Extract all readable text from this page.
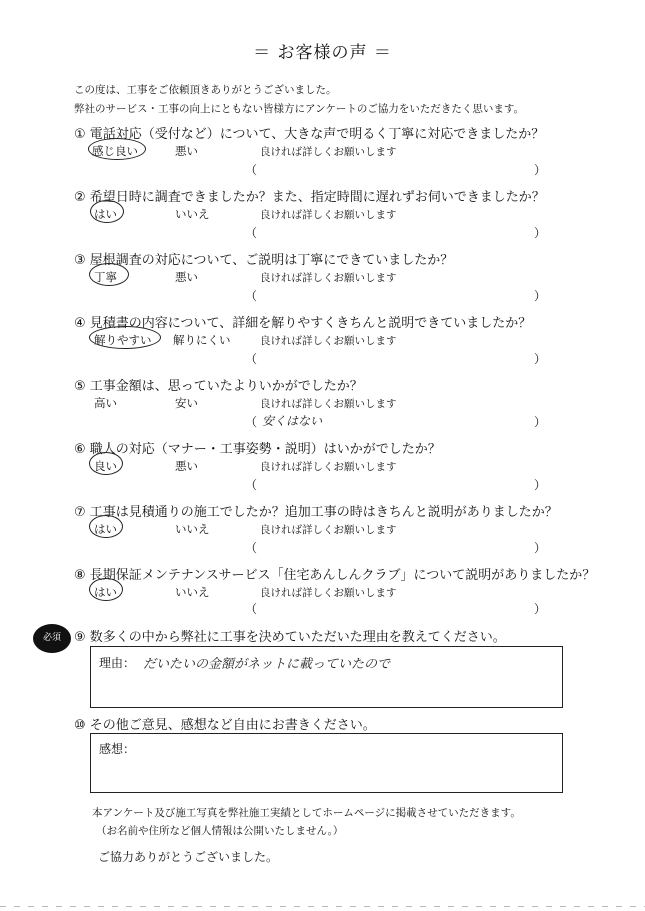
＝ お客様の声 ＝
この度は、工事をご依頼頂きありがとうございました。
弊社のサービス・工事の向上にともない皆様方にアンケートのご協力をいただきたく思います。
① 電話対応（受付など）について、大きな声で明るく丁寧に対応できましたか？
感じ良い	悪い	良ければ詳しくお願いします
（	）
② 希望日時に調査できましたか？また、指定時間に遅れずお伺いできましたか？
はい	いいえ	良ければ詳しくお願いします
（	）
③ 屋根調査の対応について、ご説明は丁寧にできていましたか？
丁寧	悪い	良ければ詳しくお願いします
（	）
④ 見積書の内容について、詳細を解りやすくきちんと説明できていましたか？
解りやすい 解りにくい	良ければ詳しくお願いします
（	）
⑤ 工事金額は、思っていたよりいかがでしたか？
高い	安い	良ければ詳しくお願いします
（ 安くはない	）
⑥ 職人の対応（マナー・工事姿勢・説明）はいかがでしたか？
良い	悪い	良ければ詳しくお願いします
（	）
⑦ 工事は見積通りの施工でしたか？追加工事の時はきちんと説明がありましたか？
はい	いいえ	良ければ詳しくお願いします
（	）
⑧ 長期保証メンテナンスサービス「住宅あんしんクラブ」について説明がありましたか？
はい	いいえ	良ければ詳しくお願いします
（	）
必須	⑨ 数多くの中から弊社に工事を決めていただいた理由を教えてください。
理由： だいたいの金額がネットに載っていたので
⑩ その他ご意見、感想など自由にお書きください。
感想：
本アンケート及び施工写真を弊社施工実績としてホームページに掲載させていただきます。
（お名前や住所など個人情報は公開いたしません。）
ご協力ありがとうございました。
